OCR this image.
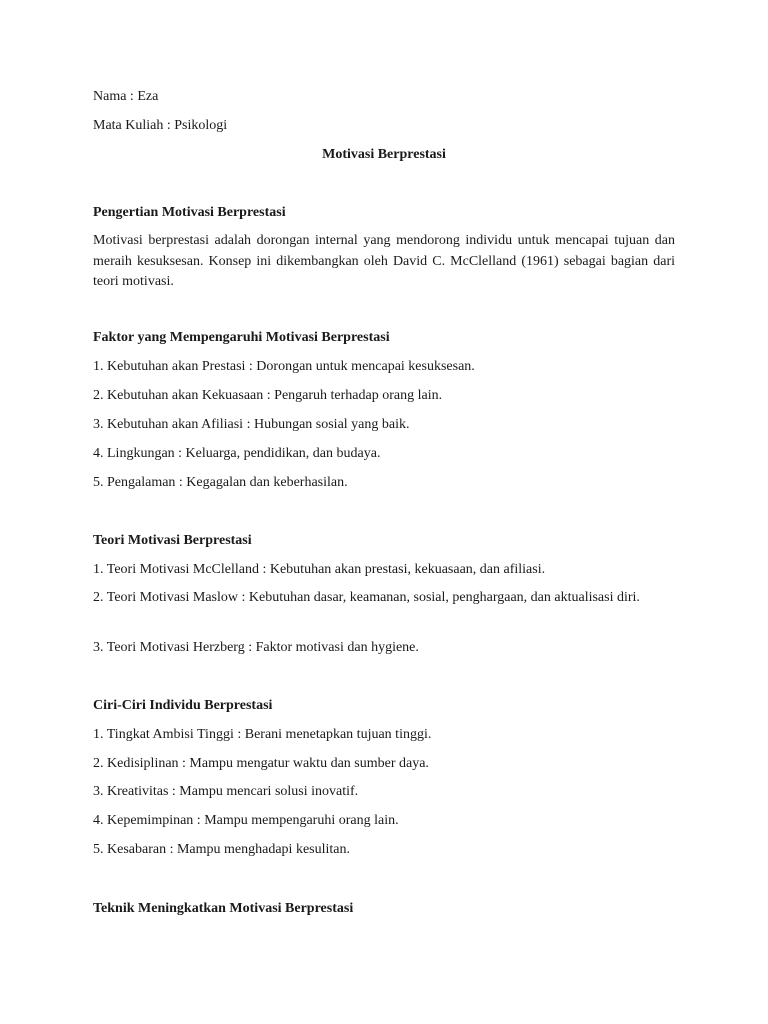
Nama : Eza
Mata Kuliah : Psikologi
Motivasi Berprestasi
Pengertian Motivasi Berprestasi
Motivasi berprestasi adalah dorongan internal yang mendorong individu untuk mencapai tujuan dan meraih kesuksesan. Konsep ini dikembangkan oleh David C. McClelland (1961) sebagai bagian dari teori motivasi.
Faktor yang Mempengaruhi Motivasi Berprestasi
1. Kebutuhan akan Prestasi : Dorongan untuk mencapai kesuksesan.
2. Kebutuhan akan Kekuasaan : Pengaruh terhadap orang lain.
3. Kebutuhan akan Afiliasi : Hubungan sosial yang baik.
4. Lingkungan : Keluarga, pendidikan, dan budaya.
5. Pengalaman : Kegagalan dan keberhasilan.
Teori Motivasi Berprestasi
1. Teori Motivasi McClelland : Kebutuhan akan prestasi, kekuasaan, dan afiliasi.
2. Teori Motivasi Maslow : Kebutuhan dasar, keamanan, sosial, penghargaan, dan aktualisasi diri.
3. Teori Motivasi Herzberg : Faktor motivasi dan hygiene.
Ciri-Ciri Individu Berprestasi
1. Tingkat Ambisi Tinggi : Berani menetapkan tujuan tinggi.
2. Kedisiplinan : Mampu mengatur waktu dan sumber daya.
3. Kreativitas : Mampu mencari solusi inovatif.
4. Kepemimpinan : Mampu mempengaruhi orang lain.
5. Kesabaran : Mampu menghadapi kesulitan.
Teknik Meningkatkan Motivasi Berprestasi
